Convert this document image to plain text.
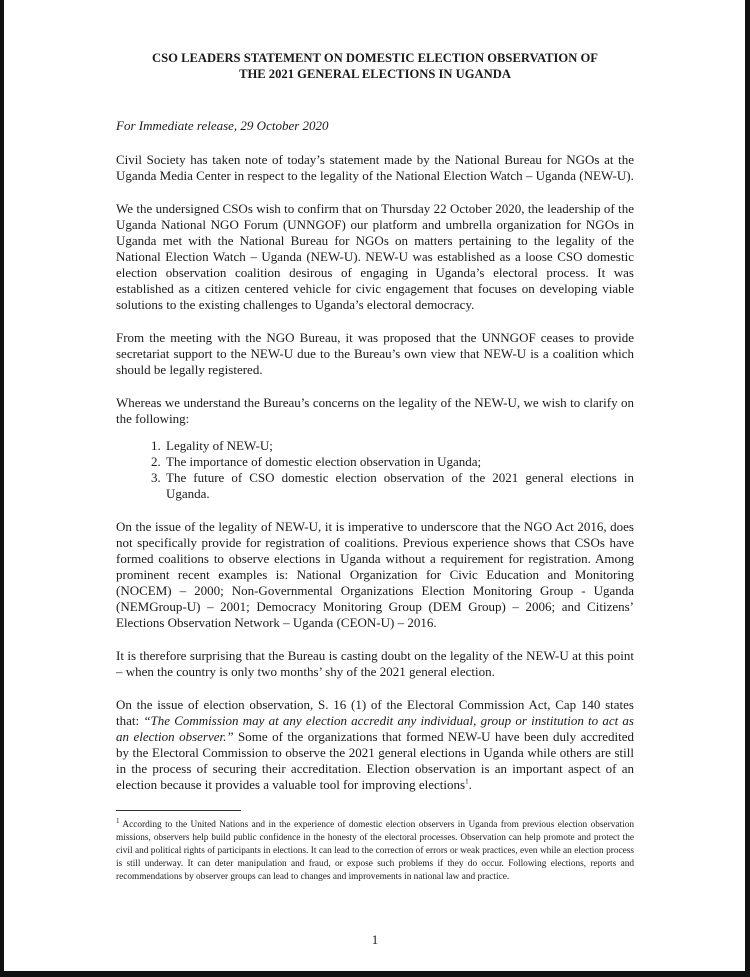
CSO LEADERS STATEMENT ON DOMESTIC ELECTION OBSERVATION OF
THE 2021 GENERAL ELECTIONS IN UGANDA
For Immediate release, 29 October 2020

Civil Society has taken note of today’s statement made by the National Bureau for NGOs at the Uganda Media Center in respect to the legality of the National Election Watch – Uganda (NEW-U).

We the undersigned CSOs wish to confirm that on Thursday 22 October 2020, the leadership of the Uganda National NGO Forum (UNNGOF) our platform and umbrella organization for NGOs in Uganda met with the National Bureau for NGOs on matters pertaining to the legality of the National Election Watch – Uganda (NEW-U). NEW-U was established as a loose CSO domestic election observation coalition desirous of engaging in Uganda’s electoral process. It was established as a citizen centered vehicle for civic engagement that focuses on developing viable solutions to the existing challenges to Uganda’s electoral democracy.

From the meeting with the NGO Bureau, it was proposed that the UNNGOF ceases to provide secretariat support to the NEW-U due to the Bureau’s own view that NEW-U is a coalition which should be legally registered.

Whereas we understand the Bureau’s concerns on the legality of the NEW-U, we wish to clarify on the following:

1. Legality of NEW-U;
2. The importance of domestic election observation in Uganda;
3. The future of CSO domestic election observation of the 2021 general elections in Uganda.

On the issue of the legality of NEW-U, it is imperative to underscore that the NGO Act 2016, does not specifically provide for registration of coalitions. Previous experience shows that CSOs have formed coalitions to observe elections in Uganda without a requirement for registration. Among prominent recent examples is: National Organization for Civic Education and Monitoring (NOCEM) – 2000; Non-Governmental Organizations Election Monitoring Group - Uganda (NEMGroup-U) – 2001; Democracy Monitoring Group (DEM Group) – 2006; and Citizens’ Elections Observation Network – Uganda (CEON-U) – 2016.

It is therefore surprising that the Bureau is casting doubt on the legality of the NEW-U at this point – when the country is only two months’ shy of the 2021 general election.

On the issue of election observation, S. 16 (1) of the Electoral Commission Act, Cap 140 states that: “The Commission may at any election accredit any individual, group or institution to act as an election observer.” Some of the organizations that formed NEW-U have been duly accredited by the Electoral Commission to observe the 2021 general elections in Uganda while others are still in the process of securing their accreditation. Election observation is an important aspect of an election because it provides a valuable tool for improving elections$^1$.

$^1$ According to the United Nations and in the experience of domestic election observers in Uganda from previous election observation missions, observers help build public confidence in the honesty of the electoral processes. Observation can help promote and protect the civil and political rights of participants in elections. It can lead to the correction of errors or weak practices, even while an election process is still underway. It can deter manipulation and fraud, or expose such problems if they do occur. Following elections, reports and recommendations by observer groups can lead to changes and improvements in national law and practice.

1
